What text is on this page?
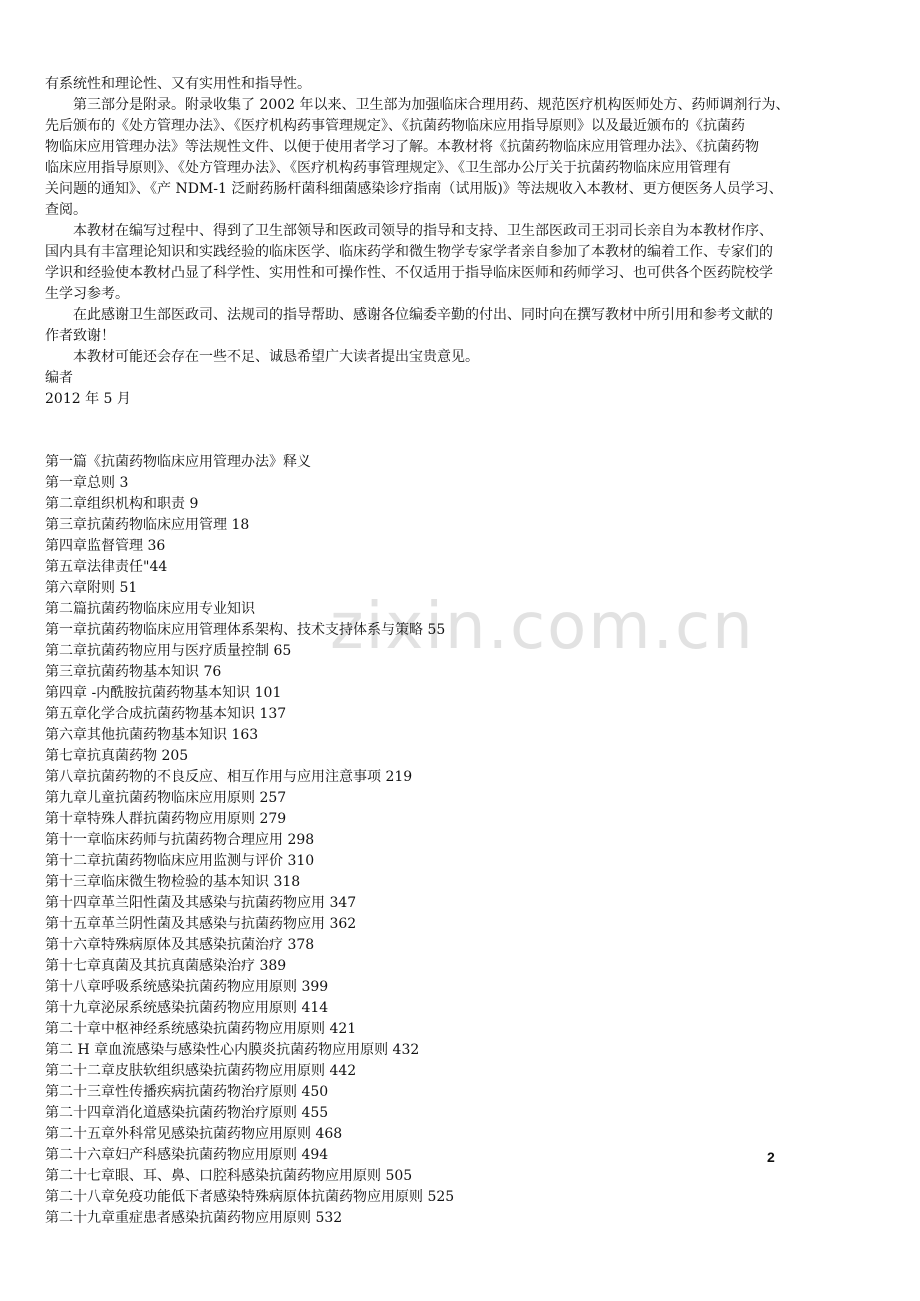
zixin.com.cn
有系统性和理论性、又有实用性和指导性。
第三部分是附录。附录收集了 2002 年以来、卫生部为加强临床合理用药、规范医疗机构医师处方、药师调剂行为、
先后颁布的《处方管理办法》、《医疗机构药事管理规定》、《抗菌药物临床应用指导原则》以及最近颁布的《抗菌药
物临床应用管理办法》等法规性文件、以便于使用者学习了解。本教材将《抗菌药物临床应用管理办法》、《抗菌药物
临床应用指导原则》、《处方管理办法》、《医疗机构药事管理规定》、《卫生部办公厅关于抗菌药物临床应用管理有
关问题的通知》、《产 NDM-1 泛耐药肠杆菌科细菌感染诊疗指南（试用版)》等法规收入本教材、更方便医务人员学习、
查阅。
本教材在编写过程中、得到了卫生部领导和医政司领导的指导和支持、卫生部医政司王羽司长亲自为本教材作序、
国内具有丰富理论知识和实践经验的临床医学、临床药学和微生物学专家学者亲自参加了本教材的编着工作、专家们的
学识和经验使本教材凸显了科学性、实用性和可操作性、不仅适用于指导临床医师和药师学习、也可供各个医药院校学
生学习参考。
在此感谢卫生部医政司、法规司的指导帮助、感谢各位编委辛勤的付出、同时向在撰写教材中所引用和参考文献的
作者致谢！
本教材可能还会存在一些不足、诚恳希望广大读者提出宝贵意见。
编者
2012 年 5 月
第一篇《抗菌药物临床应用管理办法》释义
第一章总则 3
第二章组织机构和职责 9
第三章抗菌药物临床应用管理 18
第四章监督管理 36
第五章法律责任"44
第六章附则 51
第二篇抗菌药物临床应用专业知识
第一章抗菌药物临床应用管理体系架构、技术支持体系与策略 55
第二章抗菌药物应用与医疗质量控制 65
第三章抗菌药物基本知识 76
第四章 -内酰胺抗菌药物基本知识 101
第五章化学合成抗菌药物基本知识 137
第六章其他抗菌药物基本知识 163
第七章抗真菌药物 205
第八章抗菌药物的不良反应、相互作用与应用注意事项 219
第九章儿童抗菌药物临床应用原则 257
第十章特殊人群抗菌药物应用原则 279
第十一章临床药师与抗菌药物合理应用 298
第十二章抗菌药物临床应用监测与评价 310
第十三章临床微生物检验的基本知识 318
第十四章革兰阳性菌及其感染与抗菌药物应用 347
第十五章革兰阴性菌及其感染与抗菌药物应用 362
第十六章特殊病原体及其感染抗菌治疗 378
第十七章真菌及其抗真菌感染治疗 389
第十八章呼吸系统感染抗菌药物应用原则 399
第十九章泌尿系统感染抗菌药物应用原则 414
第二十章中枢神经系统感染抗菌药物应用原则 421
第二 H 章血流感染与感染性心内膜炎抗菌药物应用原则 432
第二十二章皮肤软组织感染抗菌药物应用原则 442
第二十三章性传播疾病抗菌药物治疗原则 450
第二十四章消化道感染抗菌药物治疗原则 455
第二十五章外科常见感染抗菌药物应用原则 468
第二十六章妇产科感染抗菌药物应用原则 494
第二十七章眼、耳、鼻、口腔科感染抗菌药物应用原则 505
第二十八章免疫功能低下者感染特殊病原体抗菌药物应用原则 525
第二十九章重症患者感染抗菌药物应用原则 532
2
